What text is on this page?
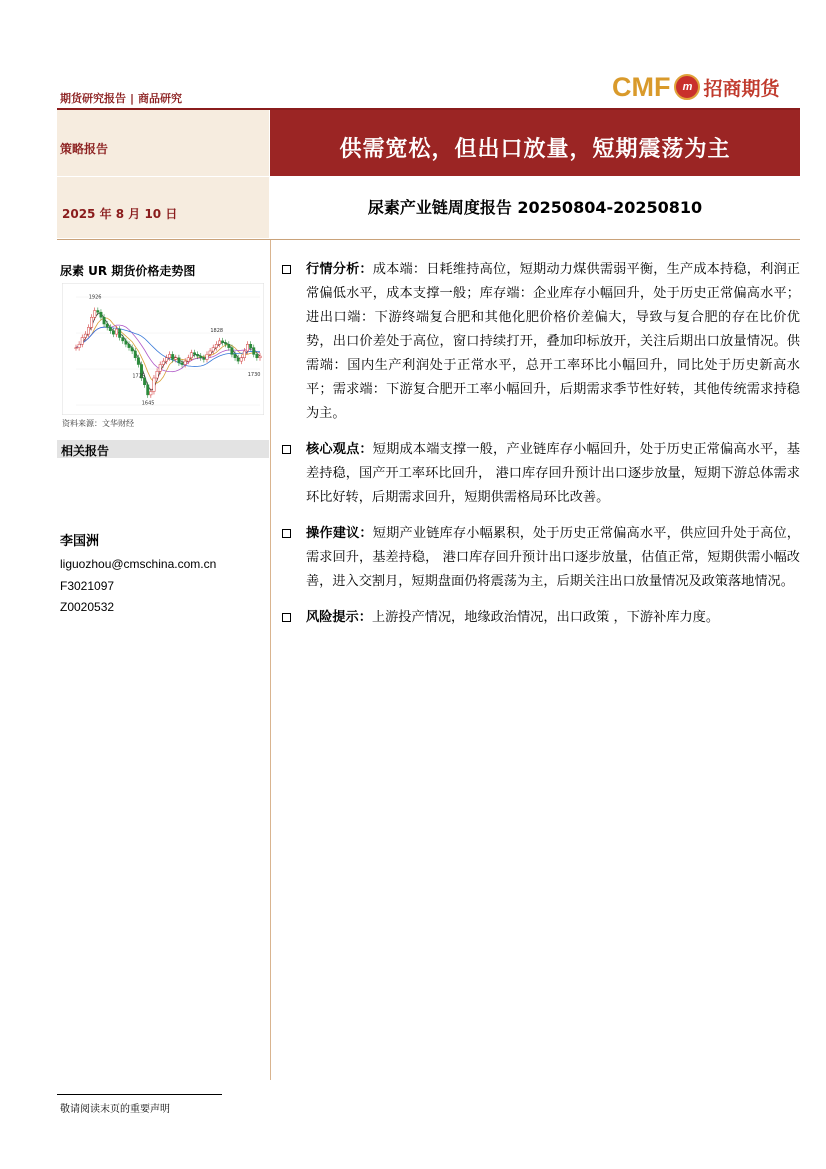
期货研究报告 | 商品研究	CMF	m 招商期货
策略报告
2025 年 8 月 10 日
供需宽松，但出口放量，短期震荡为主
尿素产业链周度报告 20250804-20250810
尿素 UR 期货价格走势图
1926
1725
1645
1828
1730
资料来源：文华财经
相关报告
李国洲
liguozhou@cmschina.com.cn
F3021097
Z0020532
行情分析：成本端：日耗维持高位，短期动力煤供需弱平衡，生产成本持稳，利润正常偏低水平，成本支撑一般；库存端：企业库存小幅回升，处于历史正常偏高水平；进出口端：下游终端复合肥和其他化肥价格价差偏大，导致与复合肥的存在比价优势，出口价差处于高位，窗口持续打开，叠加印标放开，关注后期出口放量情况。供需端：国内生产利润处于正常水平，总开工率环比小幅回升，同比处于历史新高水平；需求端：下游复合肥开工率小幅回升，后期需求季节性好转，其他传统需求持稳为主。
核心观点：短期成本端支撑一般，产业链库存小幅回升，处于历史正常偏高水平，基差持稳，国产开工率环比回升， 港口库存回升预计出口逐步放量，短期下游总体需求环比好转，后期需求回升，短期供需格局环比改善。
操作建议：短期产业链库存小幅累积，处于历史正常偏高水平，供应回升处于高位，需求回升，基差持稳， 港口库存回升预计出口逐步放量，估值正常，短期供需小幅改善，进入交割月，短期盘面仍将震荡为主，后期关注出口放量情况及政策落地情况。
风险提示：上游投产情况，地缘政治情况，出口政策 ，下游补库力度。
敬请阅读末页的重要声明
